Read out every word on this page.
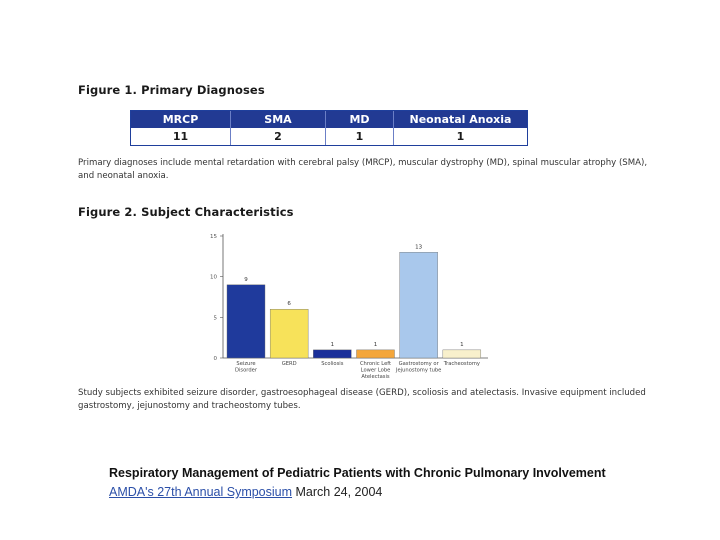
Figure 1. Primary Diagnoses
MRCP	SMA	MD	Neonatal Anoxia
11	2	1	1
Primary diagnoses include mental retardation with cerebral palsy (MRCP), muscular dystrophy (MD), spinal muscular atrophy (SMA),
and neonatal anoxia.
Figure 2. Subject Characteristics
0
5
10
15
9
Seizure
Disorder
6
GERD
1
Scoliosis
1
Chronic Left
Lower Lobe
Atelectasis
13
Gastrostomy or
Jejunostomy tube
1
Tracheostomy
Study subjects exhibited seizure disorder, gastroesophageal disease (GERD), scoliosis and atelectasis. Invasive equipment included
gastrostomy, jejunostomy and tracheostomy tubes.
Respiratory Management of Pediatric Patients with Chronic Pulmonary Involvement
AMDA's 27th Annual Symposium March 24, 2004
